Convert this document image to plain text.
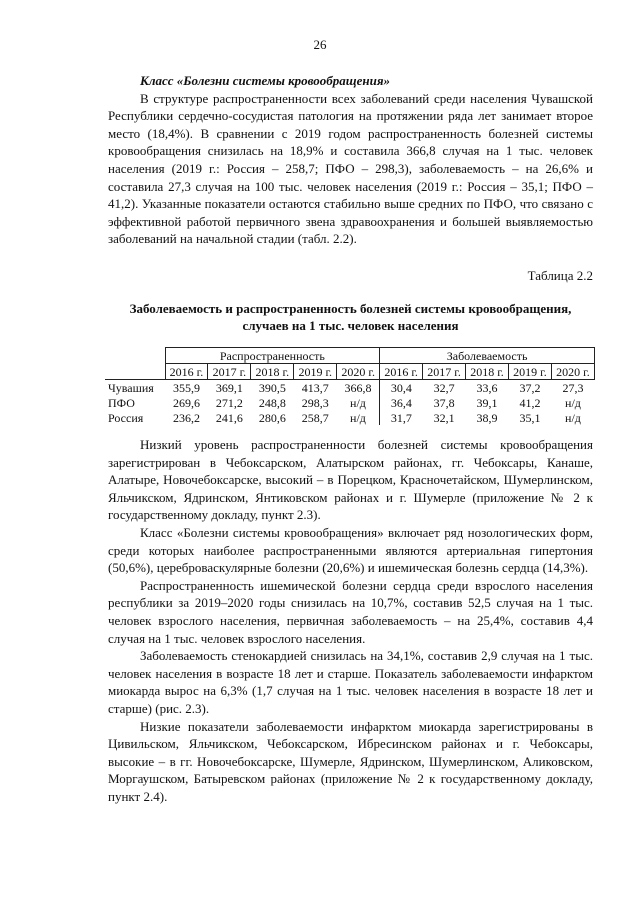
26
Класс «Болезни системы кровообращения»

В структуре распространенности всех заболеваний среди населения Чувашской Республики сердечно-сосудистая патология на протяжении ряда лет занимает второе место (18,4%). В сравнении с 2019 годом распространенность болезней системы кровообращения снизилась на 18,9% и составила 366,8 случая на 1 тыс. человек населения (2019 г.: Россия – 258,7; ПФО – 298,3), заболеваемость – на 26,6% и составила 27,3 случая на 100 тыс. человек населения (2019 г.: Россия – 35,1; ПФО – 41,2). Указанные показатели остаются стабильно выше средних по ПФО, что связано с эффективной работой первичного звена здравоохранения и большей выявляемостью заболеваний на начальной стадии (табл. 2.2).

Таблица 2.2
Заболеваемость и распространенность болезней системы кровообращения,
случаев на 1 тыс. человек населения
	Распространенность					Заболеваемость				
	2016 г.	2017 г.	2018 г.	2019 г.	2020 г.	2016 г.	2017 г.	2018 г.	2019 г.	2020 г.
Чувашия	355,9	369,1	390,5	413,7	366,8	30,4	32,7	33,6	37,2	27,3
ПФО	269,6	271,2	248,8	298,3	н/д	36,4	37,8	39,1	41,2	н/д
Россия	236,2	241,6	280,6	258,7	н/д	31,7	32,1	38,9	35,1	н/д

Низкий уровень распространенности болезней системы кровообращения зарегистрирован в Чебоксарском, Алатырском районах, гг. Чебоксары, Канаше, Алатыре, Новочебоксарске, высокий – в Порецком, Красночетайском, Шумерлинском, Яльчикском, Ядринском, Янтиковском районах и г. Шумерле (приложение № 2 к государственному докладу, пункт 2.3).

Класс «Болезни системы кровообращения» включает ряд нозологических форм, среди которых наиболее распространенными являются артериальная гипертония (50,6%), цереброваскулярные болезни (20,6%) и ишемическая болезнь сердца (14,3%).

Распространенность ишемической болезни сердца среди взрослого населения республики за 2019–2020 годы снизилась на 10,7%, составив 52,5 случая на 1 тыс. человек взрослого населения, первичная заболеваемость – на 25,4%, составив 4,4 случая на 1 тыс. человек взрослого населения.

Заболеваемость стенокардией снизилась на 34,1%, составив 2,9 случая на 1 тыс. человек населения в возрасте 18 лет и старше. Показатель заболеваемости инфарктом миокарда вырос на 6,3% (1,7 случая на 1 тыс. человек населения в возрасте 18 лет и старше) (рис. 2.3).

Низкие показатели заболеваемости инфарктом миокарда зарегистрированы в Цивильском, Яльчикском, Чебоксарском, Ибресинском районах и г. Чебоксары, высокие – в гг. Новочебоксарске, Шумерле, Ядринском, Шумерлинском, Аликовском, Моргаушском, Батыревском районах (приложение № 2 к государственному докладу, пункт 2.4).
